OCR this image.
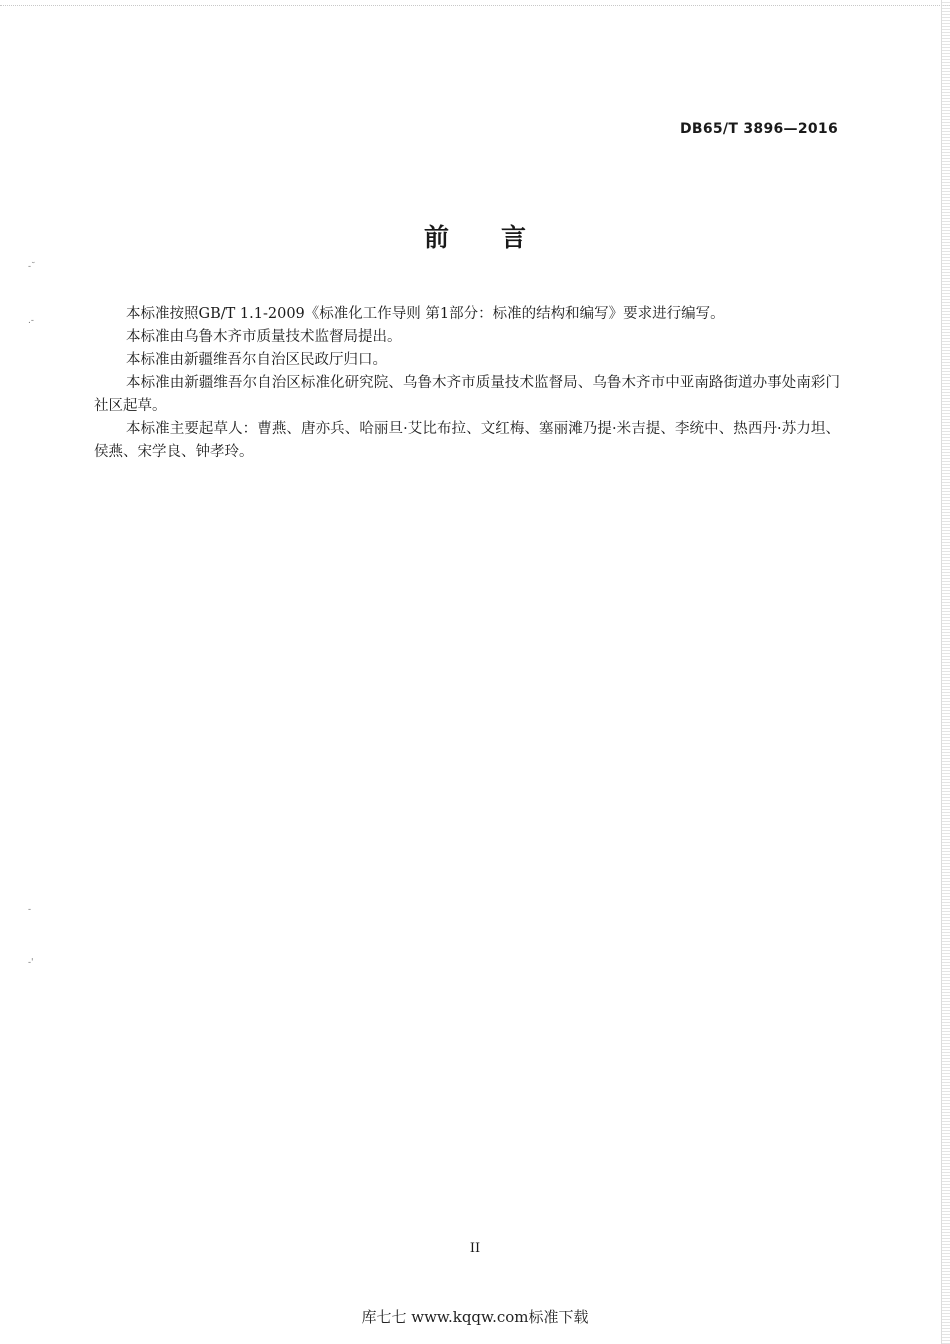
-˘
.-
-
-'
DB65/T 3896—2016
前 言

本标准按照GB/T 1.1-2009《标准化工作导则 第1部分：标准的结构和编写》要求进行编写。

本标准由乌鲁木齐市质量技术监督局提出。

本标准由新疆维吾尔自治区民政厅归口。

本标准由新疆维吾尔自治区标准化研究院、乌鲁木齐市质量技术监督局、乌鲁木齐市中亚南路街道办事处南彩门社区起草。

本标准主要起草人：曹燕、唐亦兵、哈丽旦·艾比布拉、文红梅、塞丽滩乃提·米吉提、李统中、热西丹·苏力坦、侯燕、宋学良、钟孝玲。

II
库七七 www.kqqw.com标准下载
